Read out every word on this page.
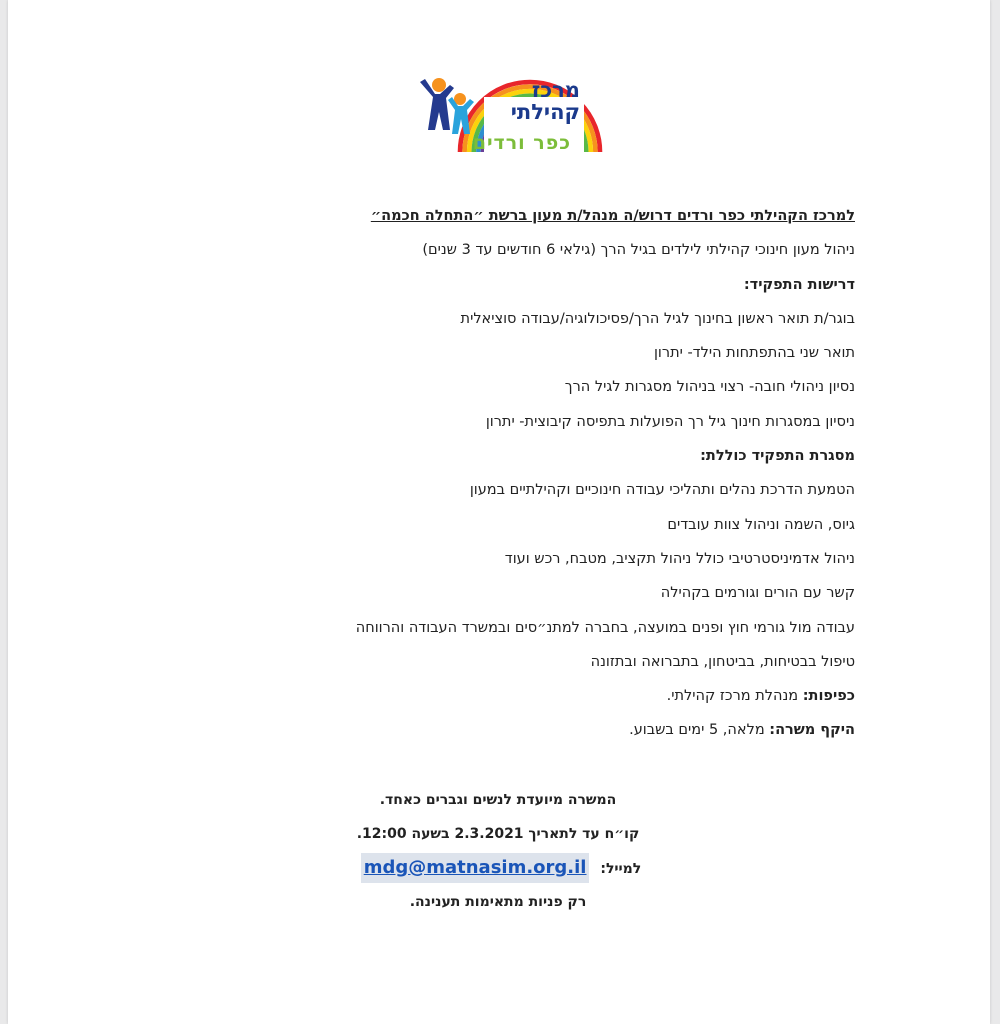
מרכז
קהילתי
כפר ורדים
למרכז הקהילתי כפר ורדים דרוש/ה מנהל/ת מעון ברשת ״התחלה חכמה״
ניהול מעון חינוכי קהילתי לילדים בגיל הרך (גילאי 6 חודשים עד 3 שנים)
דרישות התפקיד:
בוגר/ת תואר ראשון בחינוך לגיל הרך/פסיכולוגיה/עבודה סוציאלית
תואר שני בהתפתחות הילד- יתרון
נסיון ניהולי חובה- רצוי בניהול מסגרות לגיל הרך
ניסיון במסגרות חינוך גיל רך הפועלות בתפיסה קיבוצית- יתרון
מסגרת התפקיד כוללת:
הטמעת הדרכת נהלים ותהליכי עבודה חינוכיים וקהילתיים במעון
גיוס, השמה וניהול צוות עובדים
ניהול אדמיניסטרטיבי כולל ניהול תקציב, מטבח, רכש ועוד
קשר עם הורים וגורמים בקהילה
עבודה מול גורמי חוץ ופנים במועצה, בחברה למתנ״סים ובמשרד העבודה והרווחה
טיפול בבטיחות, בביטחון, בתברואה ובתזונה
כפיפות: מנהלת מרכז קהילתי.
היקף משרה: מלאה, 5 ימים בשבוע.
המשרה מיועדת לנשים וגברים כאחד.
קו״ח עד לתאריך 2.3.2021 בשעה 12:00.
למייל: mdg@matnasim.org.il
רק פניות מתאימות תענינה.
